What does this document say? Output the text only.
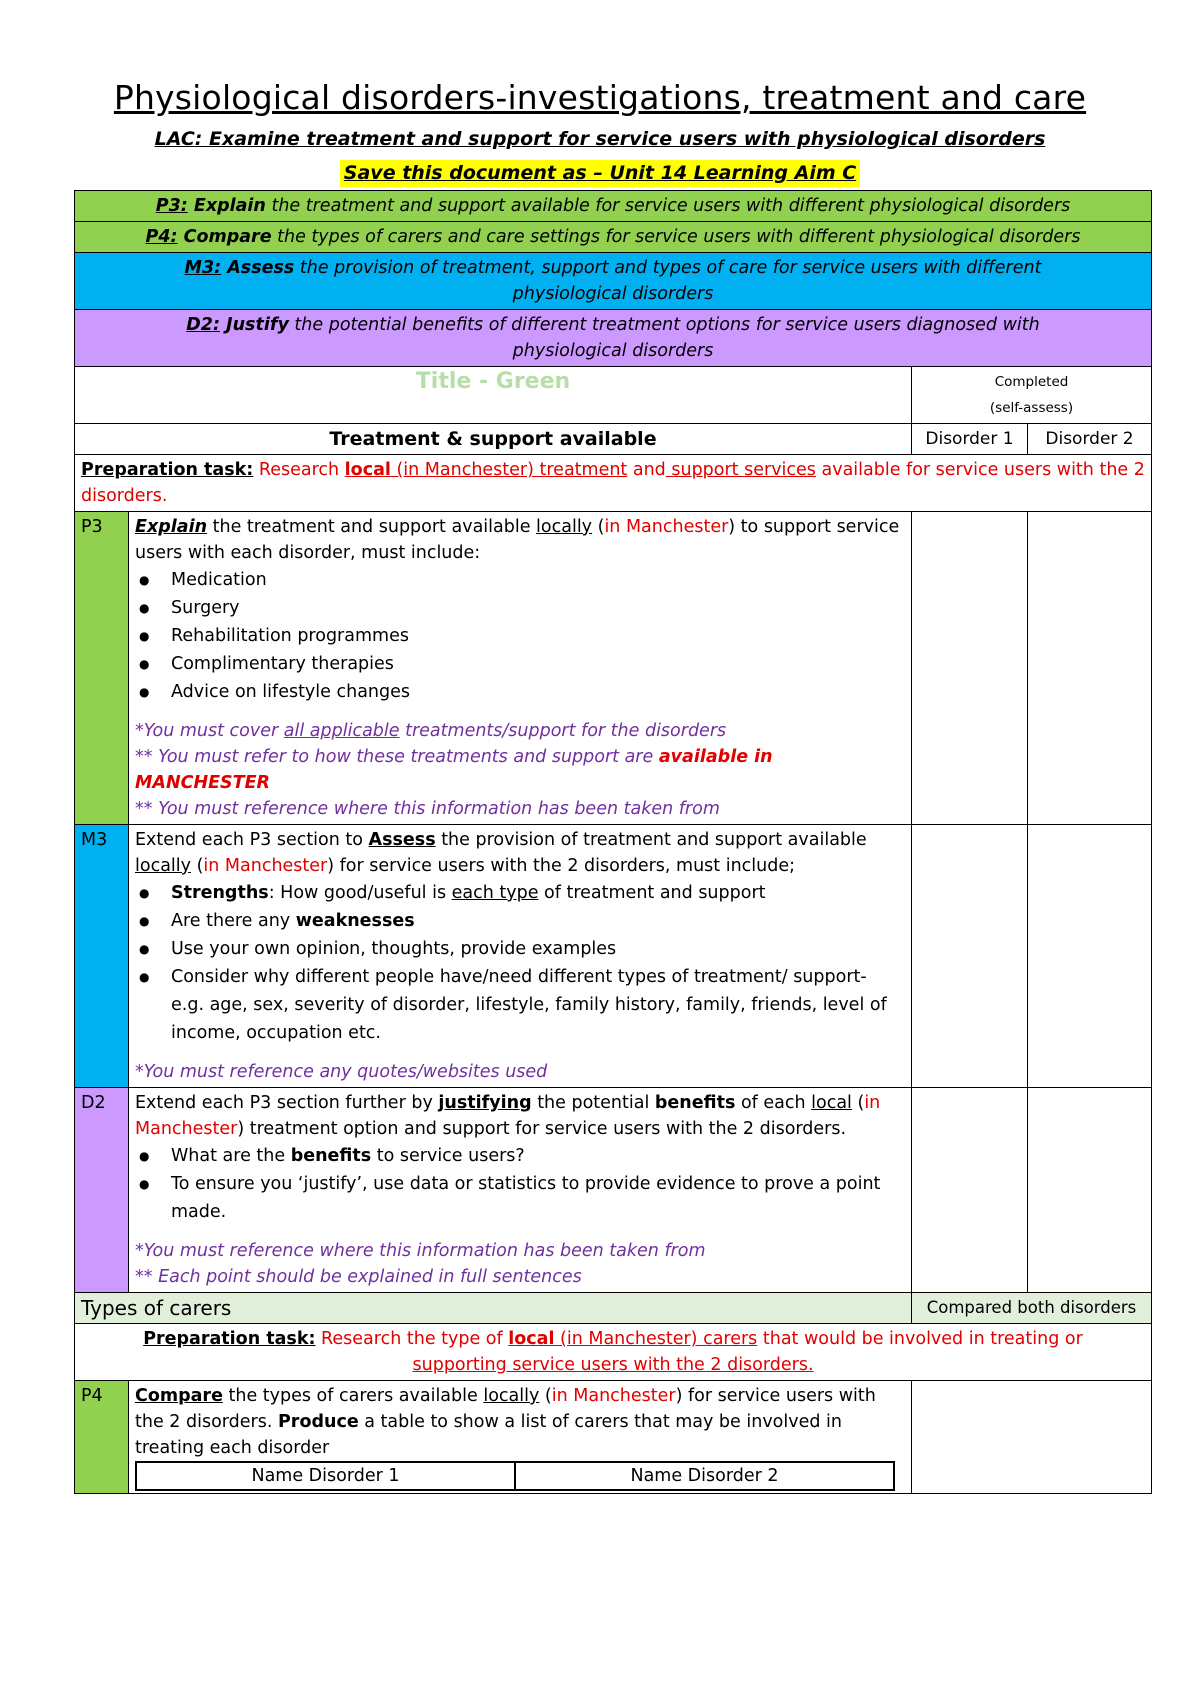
Physiological disorders-investigations, treatment and care
LAC: Examine treatment and support for service users with physiological disorders
Save this document as – Unit 14 Learning Aim C
P3: Explain the treatment and support available for service users with different physiological disorders
P4: Compare the types of carers and care settings for service users with different physiological disorders
M3: Assess the provision of treatment, support and types of care for service users with different physiological disorders
D2: Justify the potential benefits of different treatment options for service users diagnosed with physiological disorders
Title - Green	Completed
(self-assess)

Treatment & support available	Disorder 1	Disorder 2
Preparation task: Research local (in Manchester) treatment and support services available for service users with the 2 disorders.
P3	Explain the treatment and support available locally (in Manchester) to support service users with each disorder, must include:

● Medication
● Surgery
● Rehabilitation programmes
● Complimentary therapies
● Advice on lifestyle changes

*You must cover all applicable treatments/support for the disorders

** You must refer to how these treatments and support are available in MANCHESTER

** You must reference where this information has been taken from

M3	Extend each P3 section to Assess the provision of treatment and support available locally (in Manchester) for service users with the 2 disorders, must include;

● Strengths: How good/useful is each type of treatment and support
● Are there any weaknesses
● Use your own opinion, thoughts, provide examples
● Consider why different people have/need different types of treatment/ support- e.g. age, sex, severity of disorder, lifestyle, family history, family, friends, level of income, occupation etc.

*You must reference any quotes/websites used

D2	Extend each P3 section further by justifying the potential benefits of each local (in Manchester) treatment option and support for service users with the 2 disorders.

● What are the benefits to service users?
● To ensure you ‘justify’, use data or statistics to provide evidence to prove a point made.

*You must reference where this information has been taken from

** Each point should be explained in full sentences

Types of carers	Compared both disorders
Preparation task: Research the type of local (in Manchester) carers that would be involved in treating or supporting service users with the 2 disorders.
P4	Compare the types of carers available locally (in Manchester) for service users with the 2 disorders. Produce a table to show a list of carers that may be involved in treating each disorder

Name Disorder 1	Name Disorder 2
